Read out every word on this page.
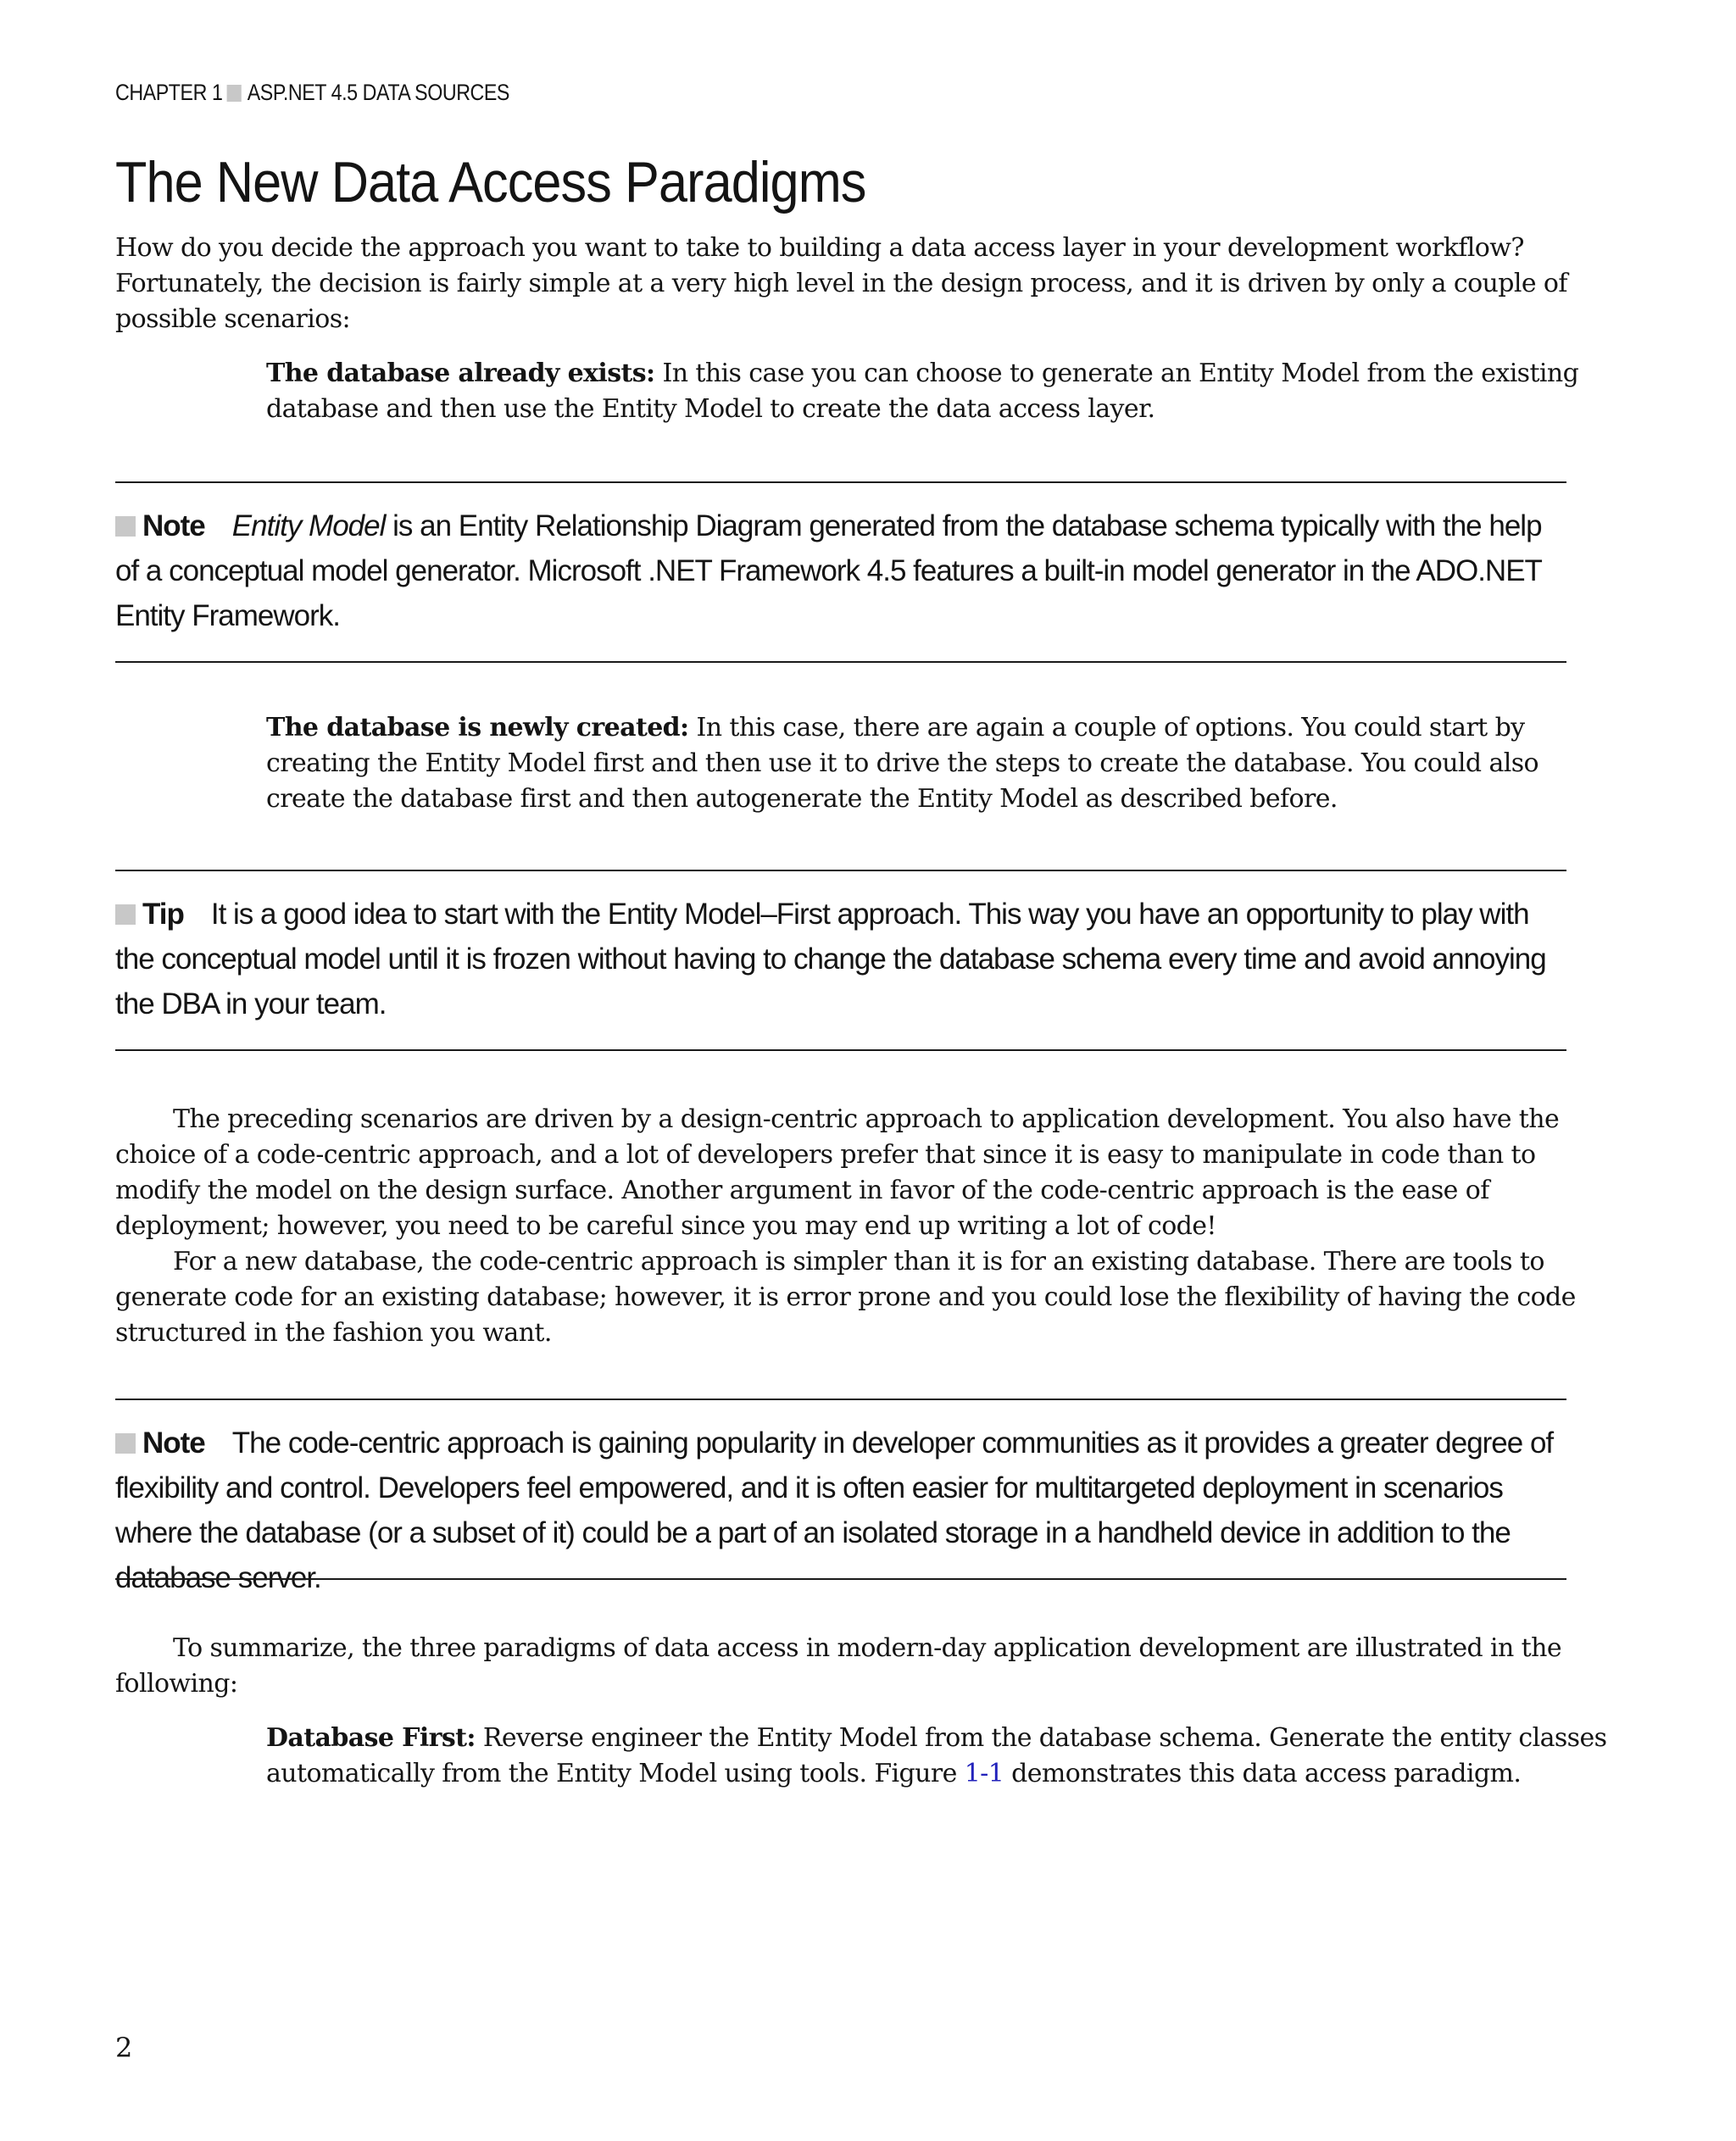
CHAPTER 1 ASP.NET 4.5 DATA SOURCES
The New Data Access Paradigms

How do you decide the approach you want to take to building a data access layer in your development workflow? Fortunately, the decision is fairly simple at a very high level in the design process, and it is driven by only a couple of possible scenarios:

The database already exists: In this case you can choose to generate an Entity Model from the existing database and then use the Entity Model to create the data access layer.

Note Entity Model is an Entity Relationship Diagram generated from the database schema typically with the help of a conceptual model generator. Microsoft .NET Framework 4.5 features a built-in model generator in the ADO.NET Entity Framework.

The database is newly created: In this case, there are again a couple of options. You could start by creating the Entity Model first and then use it to drive the steps to create the database. You could also create the database first and then autogenerate the Entity Model as described before.

Tip It is a good idea to start with the Entity Model–First approach. This way you have an opportunity to play with the conceptual model until it is frozen without having to change the database schema every time and avoid annoying the DBA in your team.

The preceding scenarios are driven by a design-centric approach to application development. You also have the choice of a code-centric approach, and a lot of developers prefer that since it is easy to manipulate in code than to modify the model on the design surface. Another argument in favor of the code-centric approach is the ease of deployment; however, you need to be careful since you may end up writing a lot of code!

For a new database, the code-centric approach is simpler than it is for an existing database. There are tools to generate code for an existing database; however, it is error prone and you could lose the flexibility of having the code structured in the fashion you want.

Note The code-centric approach is gaining popularity in developer communities as it provides a greater degree of flexibility and control. Developers feel empowered, and it is often easier for multitargeted deployment in scenarios where the database (or a subset of it) could be a part of an isolated storage in a handheld device in addition to the database server.

To summarize, the three paradigms of data access in modern-day application development are illustrated in the following:

Database First: Reverse engineer the Entity Model from the database schema. Generate the entity classes automatically from the Entity Model using tools. Figure 1-1 demonstrates this data access paradigm.

2
